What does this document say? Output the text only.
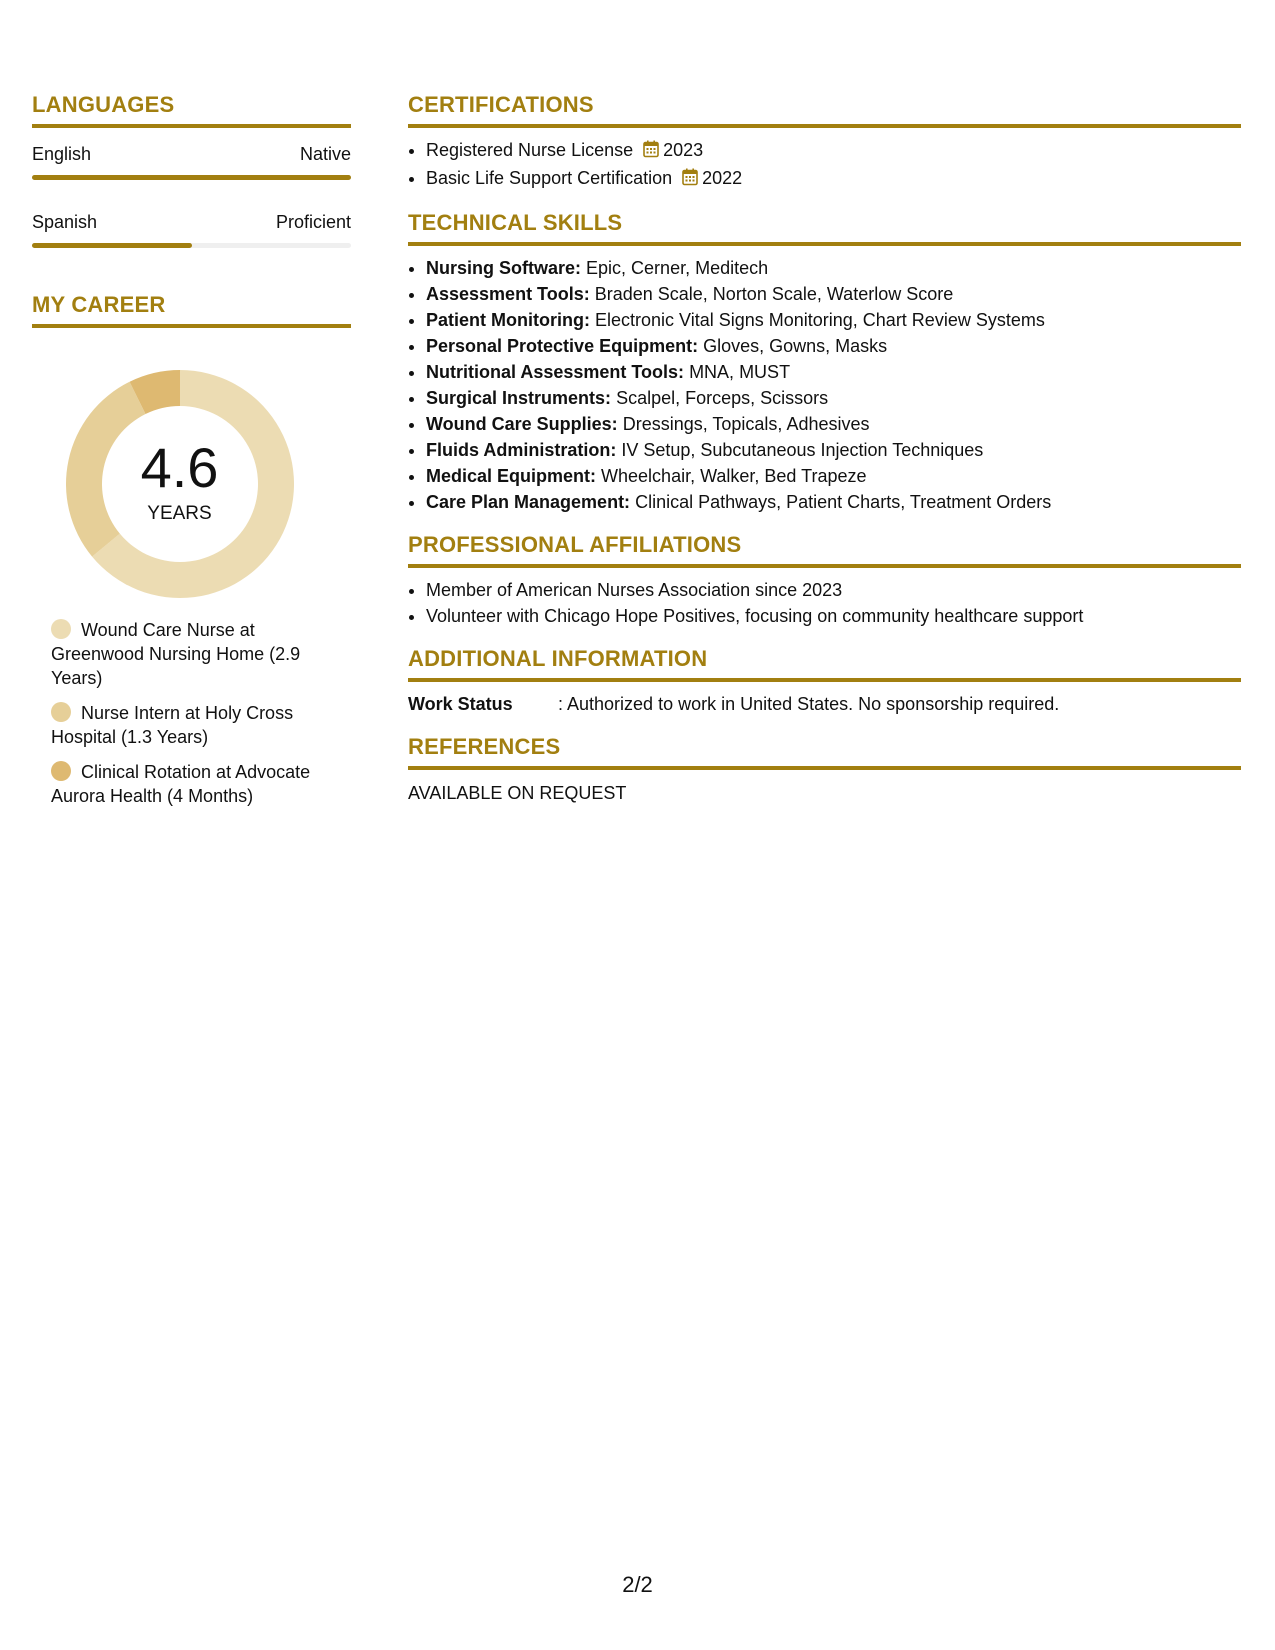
LANGUAGES
English	Native
Spanish	Proficient
MY CAREER
4.6
YEARS
Wound Care Nurse at Greenwood Nursing Home (2.9 Years)
Nurse Intern at Holy Cross Hospital (1.3 Years)
Clinical Rotation at Advocate Aurora Health (4 Months)
CERTIFICATIONS
• Registered Nurse License 2023
• Basic Life Support Certification 2022
TECHNICAL SKILLS
• Nursing Software: Epic, Cerner, Meditech
• Assessment Tools: Braden Scale, Norton Scale, Waterlow Score
• Patient Monitoring: Electronic Vital Signs Monitoring, Chart Review Systems
• Personal Protective Equipment: Gloves, Gowns, Masks
• Nutritional Assessment Tools: MNA, MUST
• Surgical Instruments: Scalpel, Forceps, Scissors
• Wound Care Supplies: Dressings, Topicals, Adhesives
• Fluids Administration: IV Setup, Subcutaneous Injection Techniques
• Medical Equipment: Wheelchair, Walker, Bed Trapeze
• Care Plan Management: Clinical Pathways, Patient Charts, Treatment Orders
PROFESSIONAL AFFILIATIONS
• Member of American Nurses Association since 2023
• Volunteer with Chicago Hope Positives, focusing on community healthcare support
ADDITIONAL INFORMATION
Work Status	: Authorized to work in United States. No sponsorship required.
REFERENCES
AVAILABLE ON REQUEST
2/2
